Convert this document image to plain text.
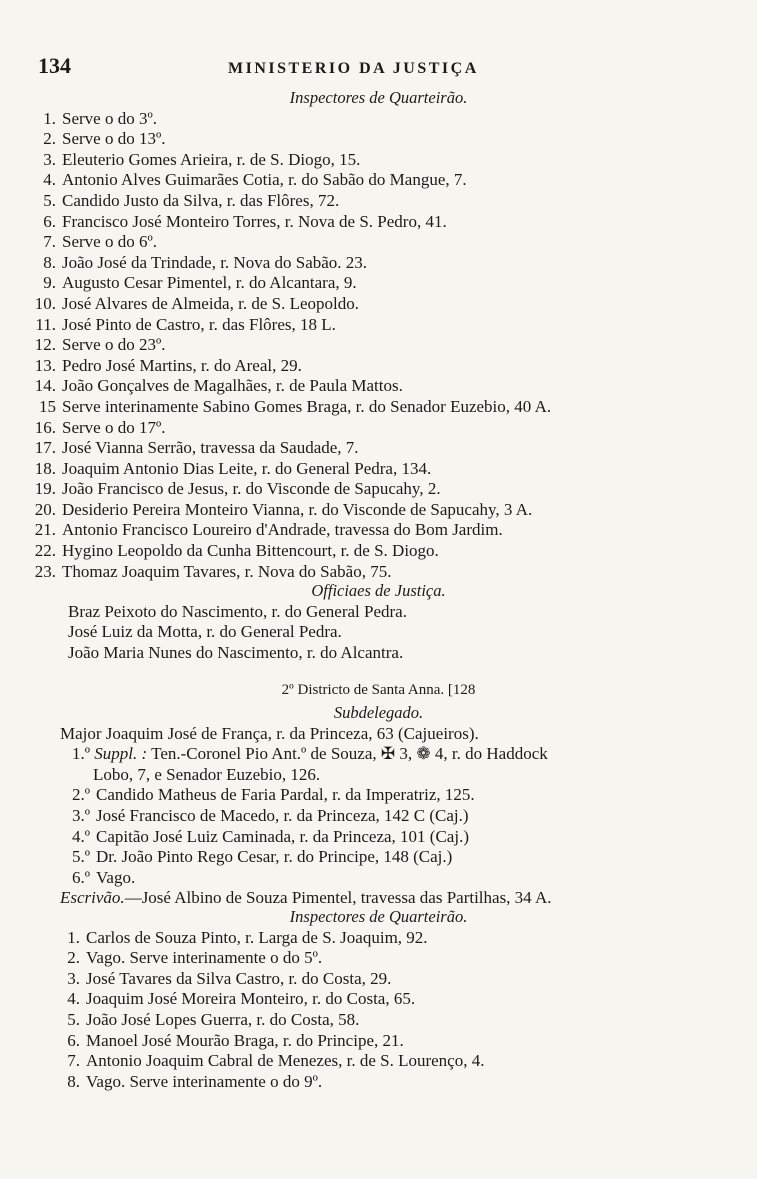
134	MINISTERIO DA JUSTIÇA
Inspectores de Quarteirão.
1. Serve o do 3º.
2. Serve o do 13º.
3. Eleuterio Gomes Arieira, r. de S. Diogo, 15.
4. Antonio Alves Guimarães Cotia, r. do Sabão do Mangue, 7.
5. Candido Justo da Silva, r. das Flôres, 72.
6. Francisco José Monteiro Torres, r. Nova de S. Pedro, 41.
7. Serve o do 6º.
8. João José da Trindade, r. Nova do Sabão. 23.
9. Augusto Cesar Pimentel, r. do Alcantara, 9.
10. José Alvares de Almeida, r. de S. Leopoldo.
11. José Pinto de Castro, r. das Flôres, 18 L.
12. Serve o do 23º.
13. Pedro José Martins, r. do Areal, 29.
14. João Gonçalves de Magalhães, r. de Paula Mattos.
15 Serve interinamente Sabino Gomes Braga, r. do Senador Euzebio, 40 A.
16. Serve o do 17º.
17. José Vianna Serrão, travessa da Saudade, 7.
18. Joaquim Antonio Dias Leite, r. do General Pedra, 134.
19. João Francisco de Jesus, r. do Visconde de Sapucahy, 2.
20. Desiderio Pereira Monteiro Vianna, r. do Visconde de Sapucahy, 3 A.
21. Antonio Francisco Loureiro d'Andrade, travessa do Bom Jardim.
22. Hygino Leopoldo da Cunha Bittencourt, r. de S. Diogo.
23. Thomaz Joaquim Tavares, r. Nova do Sabão, 75.
Officiaes de Justiça.
Braz Peixoto do Nascimento, r. do General Pedra.
José Luiz da Motta, r. do General Pedra.
João Maria Nunes do Nascimento, r. do Alcantra.
2º Districto de Santa Anna. [128
Subdelegado.
Major Joaquim José de França, r. da Princeza, 63 (Cajueiros).
1.º Suppl. : Ten.-Coronel Pio Ant.º de Souza, ✠ 3, ❁ 4, r. do Haddock
Lobo, 7, e Senador Euzebio, 126.
2.º Candido Matheus de Faria Pardal, r. da Imperatriz, 125.
3.º José Francisco de Macedo, r. da Princeza, 142 C (Caj.)
4.º Capitão José Luiz Caminada, r. da Princeza, 101 (Caj.)
5.º Dr. João Pinto Rego Cesar, r. do Principe, 148 (Caj.)
6.º Vago.
Escrivão.—José Albino de Souza Pimentel, travessa das Partilhas, 34 A.
Inspectores de Quarteirão.
1. Carlos de Souza Pinto, r. Larga de S. Joaquim, 92.
2. Vago. Serve interinamente o do 5º.
3. José Tavares da Silva Castro, r. do Costa, 29.
4. Joaquim José Moreira Monteiro, r. do Costa, 65.
5. João José Lopes Guerra, r. do Costa, 58.
6. Manoel José Mourão Braga, r. do Principe, 21.
7. Antonio Joaquim Cabral de Menezes, r. de S. Lourenço, 4.
8. Vago. Serve interinamente o do 9º.
